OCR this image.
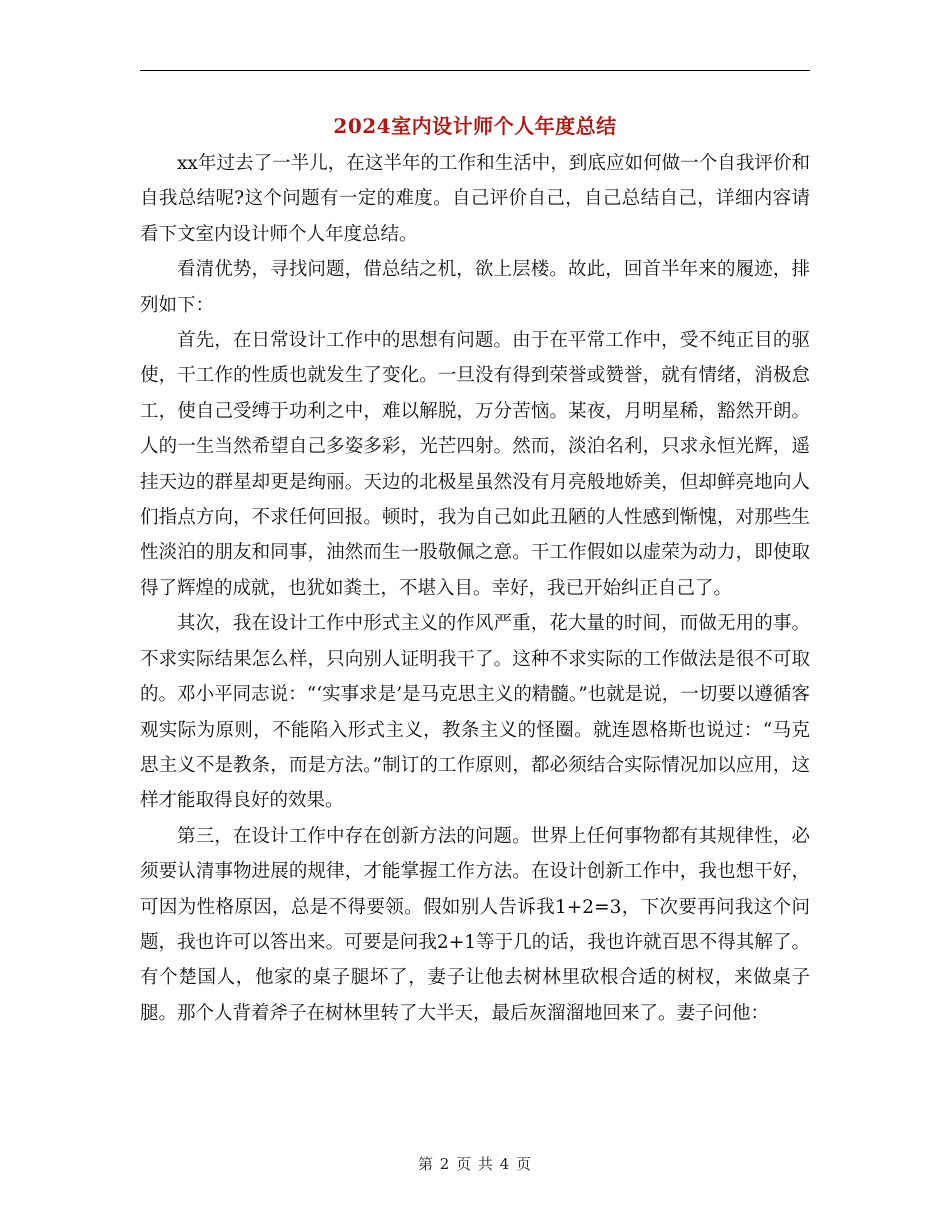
2024室内设计师个人年度总结

xx年过去了一半儿，在这半年的工作和生活中，到底应如何做一个自我评价和自我总结呢?这个问题有一定的难度。自己评价自己，自己总结自己，详细内容请看下文室内设计师个人年度总结。

看清优势，寻找问题，借总结之机，欲上层楼。故此，回首半年来的履迹，排列如下：

首先，在日常设计工作中的思想有问题。由于在平常工作中，受不纯正目的驱使，干工作的性质也就发生了变化。一旦没有得到荣誉或赞誉，就有情绪，消极怠工，使自己受缚于功利之中，难以解脱，万分苦恼。某夜，月明星稀，豁然开朗。人的一生当然希望自己多姿多彩，光芒四射。然而，淡泊名利，只求永恒光辉，遥挂天边的群星却更是绚丽。天边的北极星虽然没有月亮般地娇美，但却鲜亮地向人们指点方向，不求任何回报。顿时，我为自己如此丑陋的人性感到惭愧，对那些生性淡泊的朋友和同事，油然而生一股敬佩之意。干工作假如以虚荣为动力，即使取得了辉煌的成就，也犹如粪土，不堪入目。幸好，我已开始纠正自己了。

其次，我在设计工作中形式主义的作风严重，花大量的时间，而做无用的事。不求实际结果怎么样，只向别人证明我干了。这种不求实际的工作做法是很不可取的。邓小平同志说：“‘实事求是’是马克思主义的精髓。”也就是说，一切要以遵循客观实际为原则，不能陷入形式主义，教条主义的怪圈。就连恩格斯也说过：“马克思主义不是教条，而是方法。”制订的工作原则，都必须结合实际情况加以应用，这样才能取得良好的效果。

第三，在设计工作中存在创新方法的问题。世界上任何事物都有其规律性，必须要认清事物进展的规律，才能掌握工作方法。在设计创新工作中，我也想干好，可因为性格原因，总是不得要领。假如别人告诉我1+2=3，下次要再问我这个问题，我也许可以答出来。可要是问我2+1等于几的话，我也许就百思不得其解了。有个楚国人，他家的桌子腿坏了，妻子让他去树林里砍根合适的树杈，来做桌子腿。那个人背着斧子在树林里转了大半天，最后灰溜溜地回来了。妻子问他：

第 2 页 共 4 页
